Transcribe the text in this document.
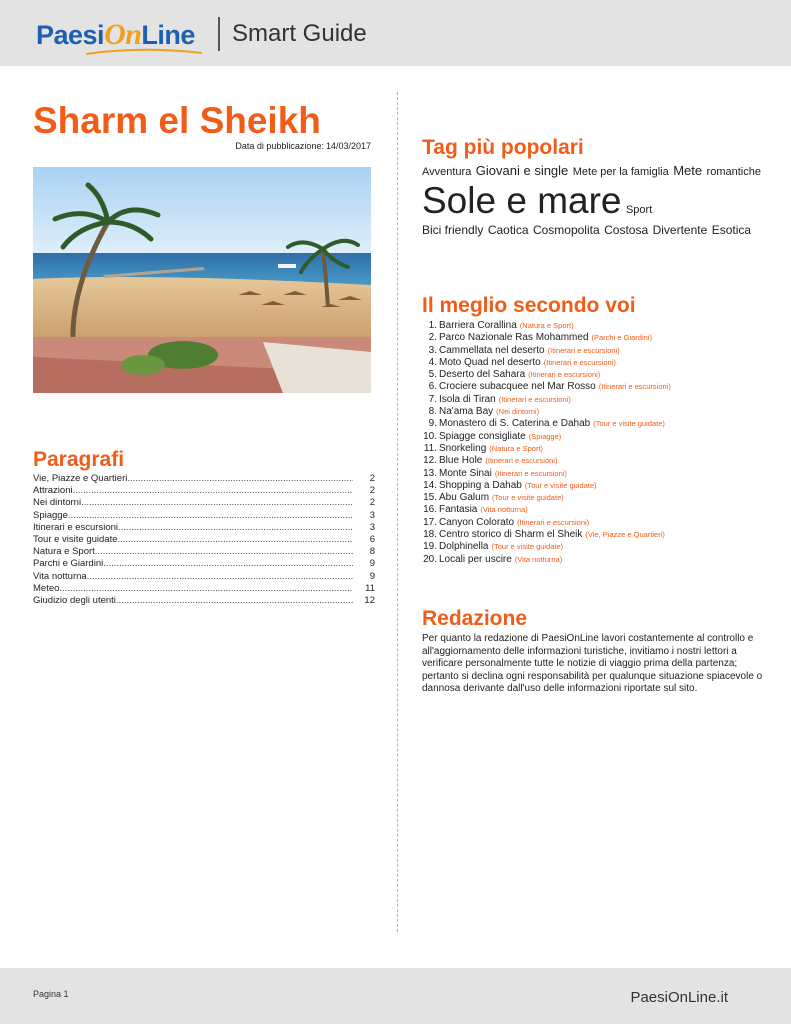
PaesiOnLine Smart Guide
Sharm el Sheikh
Data di pubblicazione: 14/03/2017
Paragrafi
Vie, Piazze e Quartieri .....	2
Attrazioni .....	2
Nei dintorni .....	2
Spiagge .....	3
Itinerari e escursioni .....	3
Tour e visite guidate .....	6
Natura e Sport .....	8
Parchi e Giardini .....	9
Vita notturna .....	9
Meteo .....	11
Giudizio degli utenti .....	12
Tag più popolari
Avventura Giovani e single Mete per la famiglia Mete romantiche Sole e mare Sport
Bici friendly Caotica Cosmopolita Costosa Divertente Esotica
Il meglio secondo voi
1. Barriera Corallina (Natura e Sport)
2. Parco Nazionale Ras Mohammed (Parchi e Giardini)
3. Cammellata nel deserto (Itinerari e escursioni)
4. Moto Quad nel deserto (Itinerari e escursioni)
5. Deserto del Sahara (Itinerari e escursioni)
6. Crociere subacquee nel Mar Rosso (Itinerari e escursioni)
7. Isola di Tiran (Itinerari e escursioni)
8. Na'ama Bay (Nei dintorni)
9. Monastero di S. Caterina e Dahab (Tour e visite guidate)
10. Spiagge consigliate (Spiagge)
11. Snorkeling (Natura e Sport)
12. Blue Hole (Itinerari e escursioni)
13. Monte Sinai (Itinerari e escursioni)
14. Shopping a Dahab (Tour e visite guidate)
15. Abu Galum (Tour e visite guidate)
16. Fantasia (Vita notturna)
17. Canyon Colorato (Itinerari e escursioni)
18. Centro storico di Sharm el Sheik (Vie, Piazze e Quartieri)
19. Dolphinella (Tour e visite guidate)
20. Locali per uscire (Vita notturna)
Redazione
Per quanto la redazione di PaesiOnLine lavori costantemente al controllo e all'aggiornamento delle informazioni turistiche, invitiamo i nostri lettori a verificare personalmente tutte le notizie di viaggio prima della partenza; pertanto si declina ogni responsabilità per qualunque situazione spiacevole o dannosa derivante dall'uso delle informazioni riportate sul sito.
Pagina 1	PaesiOnLine.it
